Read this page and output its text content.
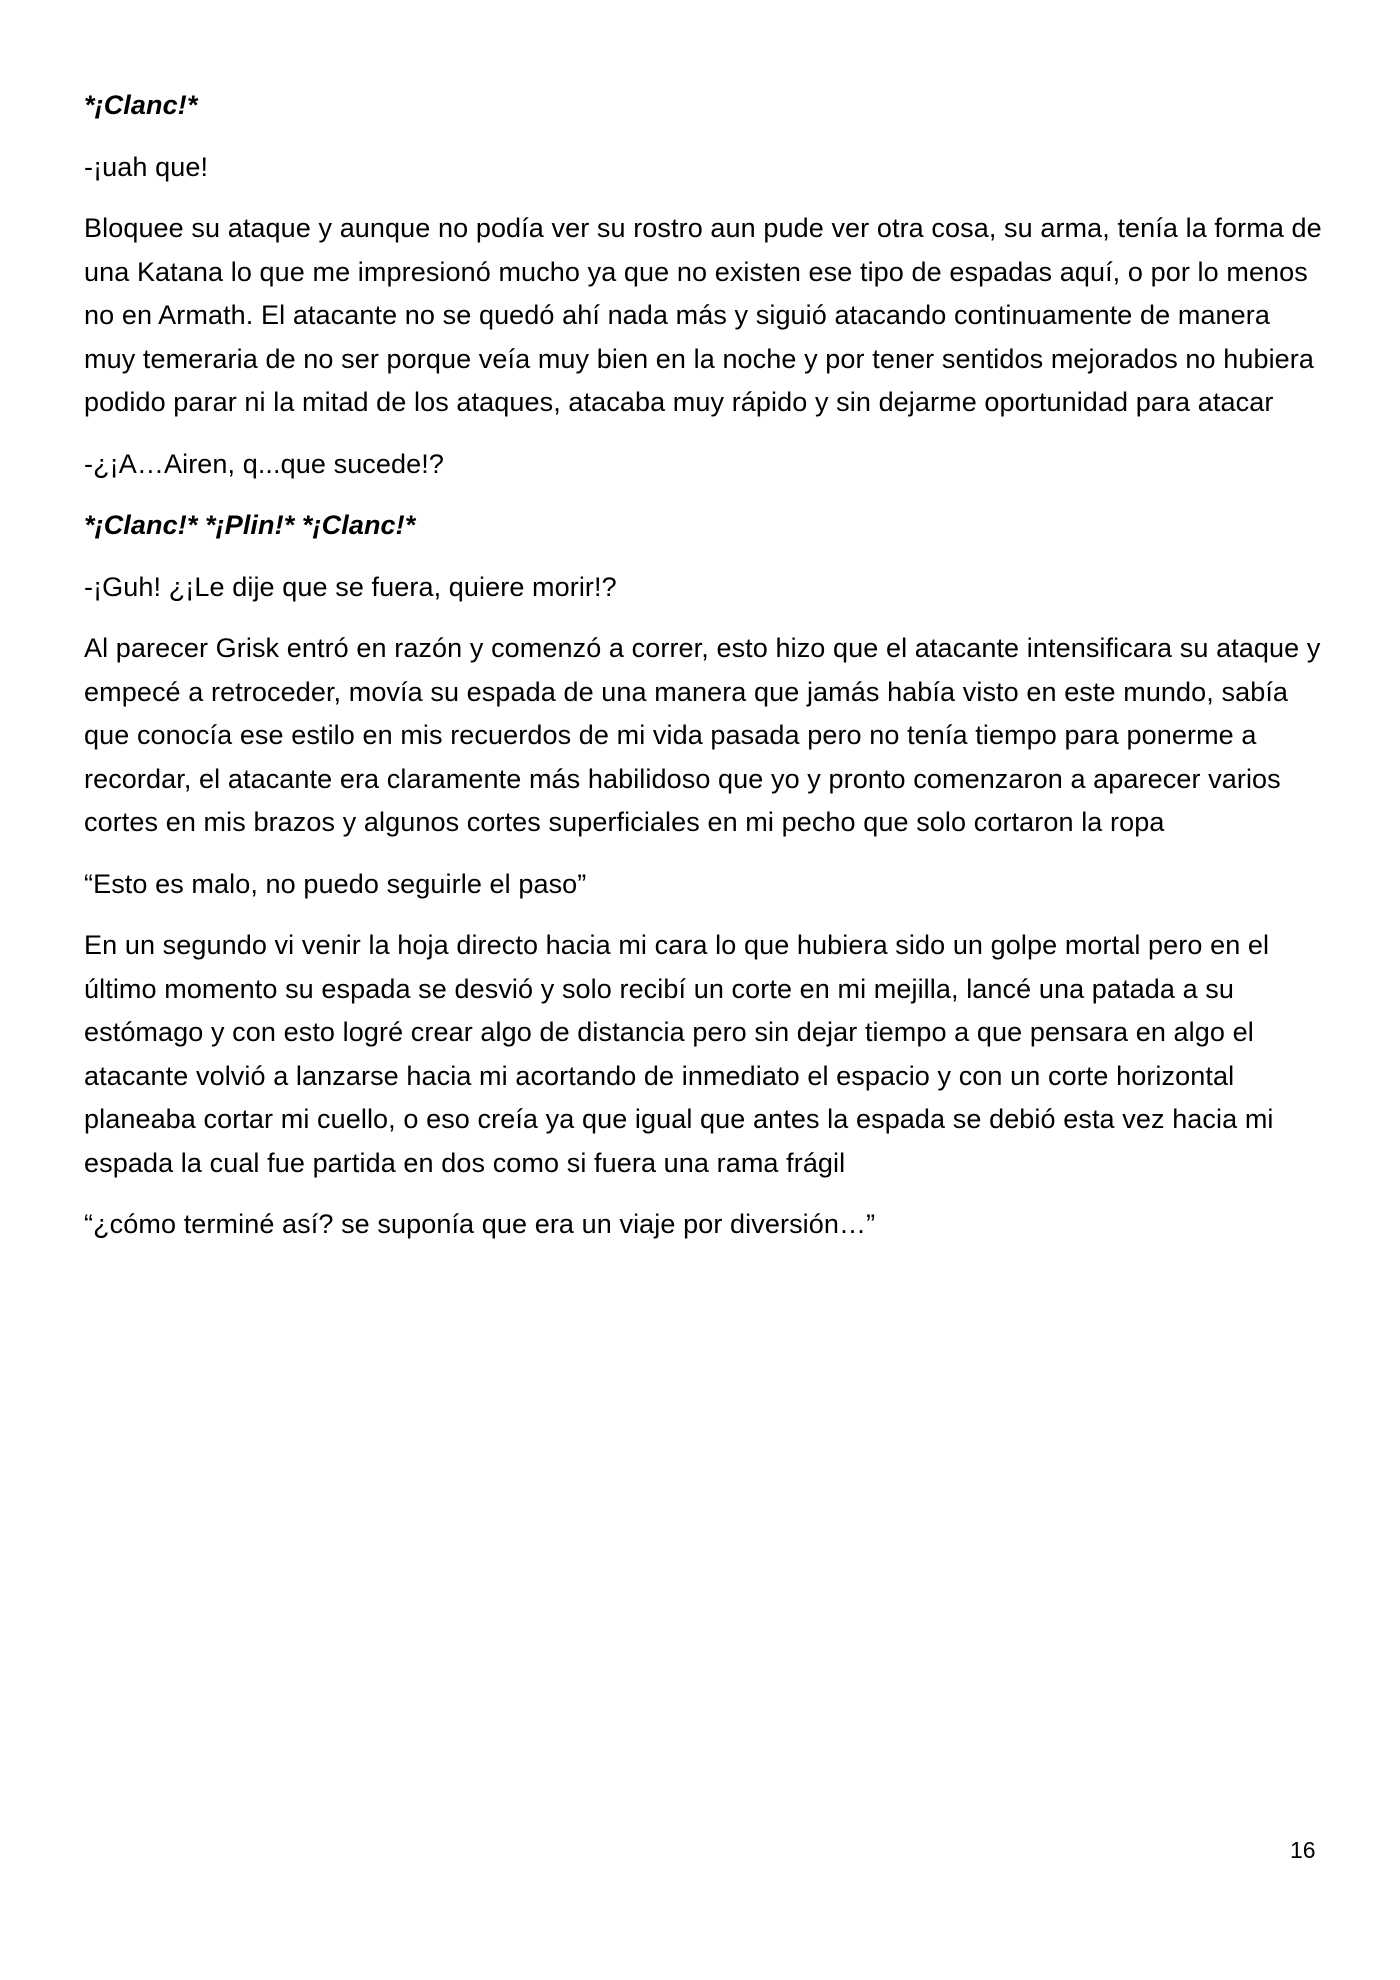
*¡Clanc!*

-¡uah que!

Bloquee su ataque y aunque no podía ver su rostro aun pude ver otra cosa, su arma, tenía la forma de una Katana lo que me impresionó mucho ya que no existen ese tipo de espadas aquí, o por lo menos no en Armath. El atacante no se quedó ahí nada más y siguió atacando continuamente de manera muy temeraria de no ser porque veía muy bien en la noche y por tener sentidos mejorados no hubiera podido parar ni la mitad de los ataques, atacaba muy rápido y sin dejarme oportunidad para atacar

-¿¡A…Airen, q...que sucede!?

*¡Clanc!* *¡Plin!* *¡Clanc!*

-¡Guh! ¿¡Le dije que se fuera, quiere morir!?

Al parecer Grisk entró en razón y comenzó a correr, esto hizo que el atacante intensificara su ataque y empecé a retroceder, movía su espada de una manera que jamás había visto en este mundo, sabía que conocía ese estilo en mis recuerdos de mi vida pasada pero no tenía tiempo para ponerme a recordar, el atacante era claramente más habilidoso que yo y pronto comenzaron a aparecer varios cortes en mis brazos y algunos cortes superficiales en mi pecho que solo cortaron la ropa

“Esto es malo, no puedo seguirle el paso”

En un segundo vi venir la hoja directo hacia mi cara lo que hubiera sido un golpe mortal pero en el último momento su espada se desvió y solo recibí un corte en mi mejilla, lancé una patada a su estómago y con esto logré crear algo de distancia pero sin dejar tiempo a que pensara en algo el atacante volvió a lanzarse hacia mi acortando de inmediato el espacio y con un corte horizontal planeaba cortar mi cuello, o eso creía ya que igual que antes la espada se debió esta vez hacia mi espada la cual fue partida en dos como si fuera una rama frágil

“¿cómo terminé así? se suponía que era un viaje por diversión…”

16
